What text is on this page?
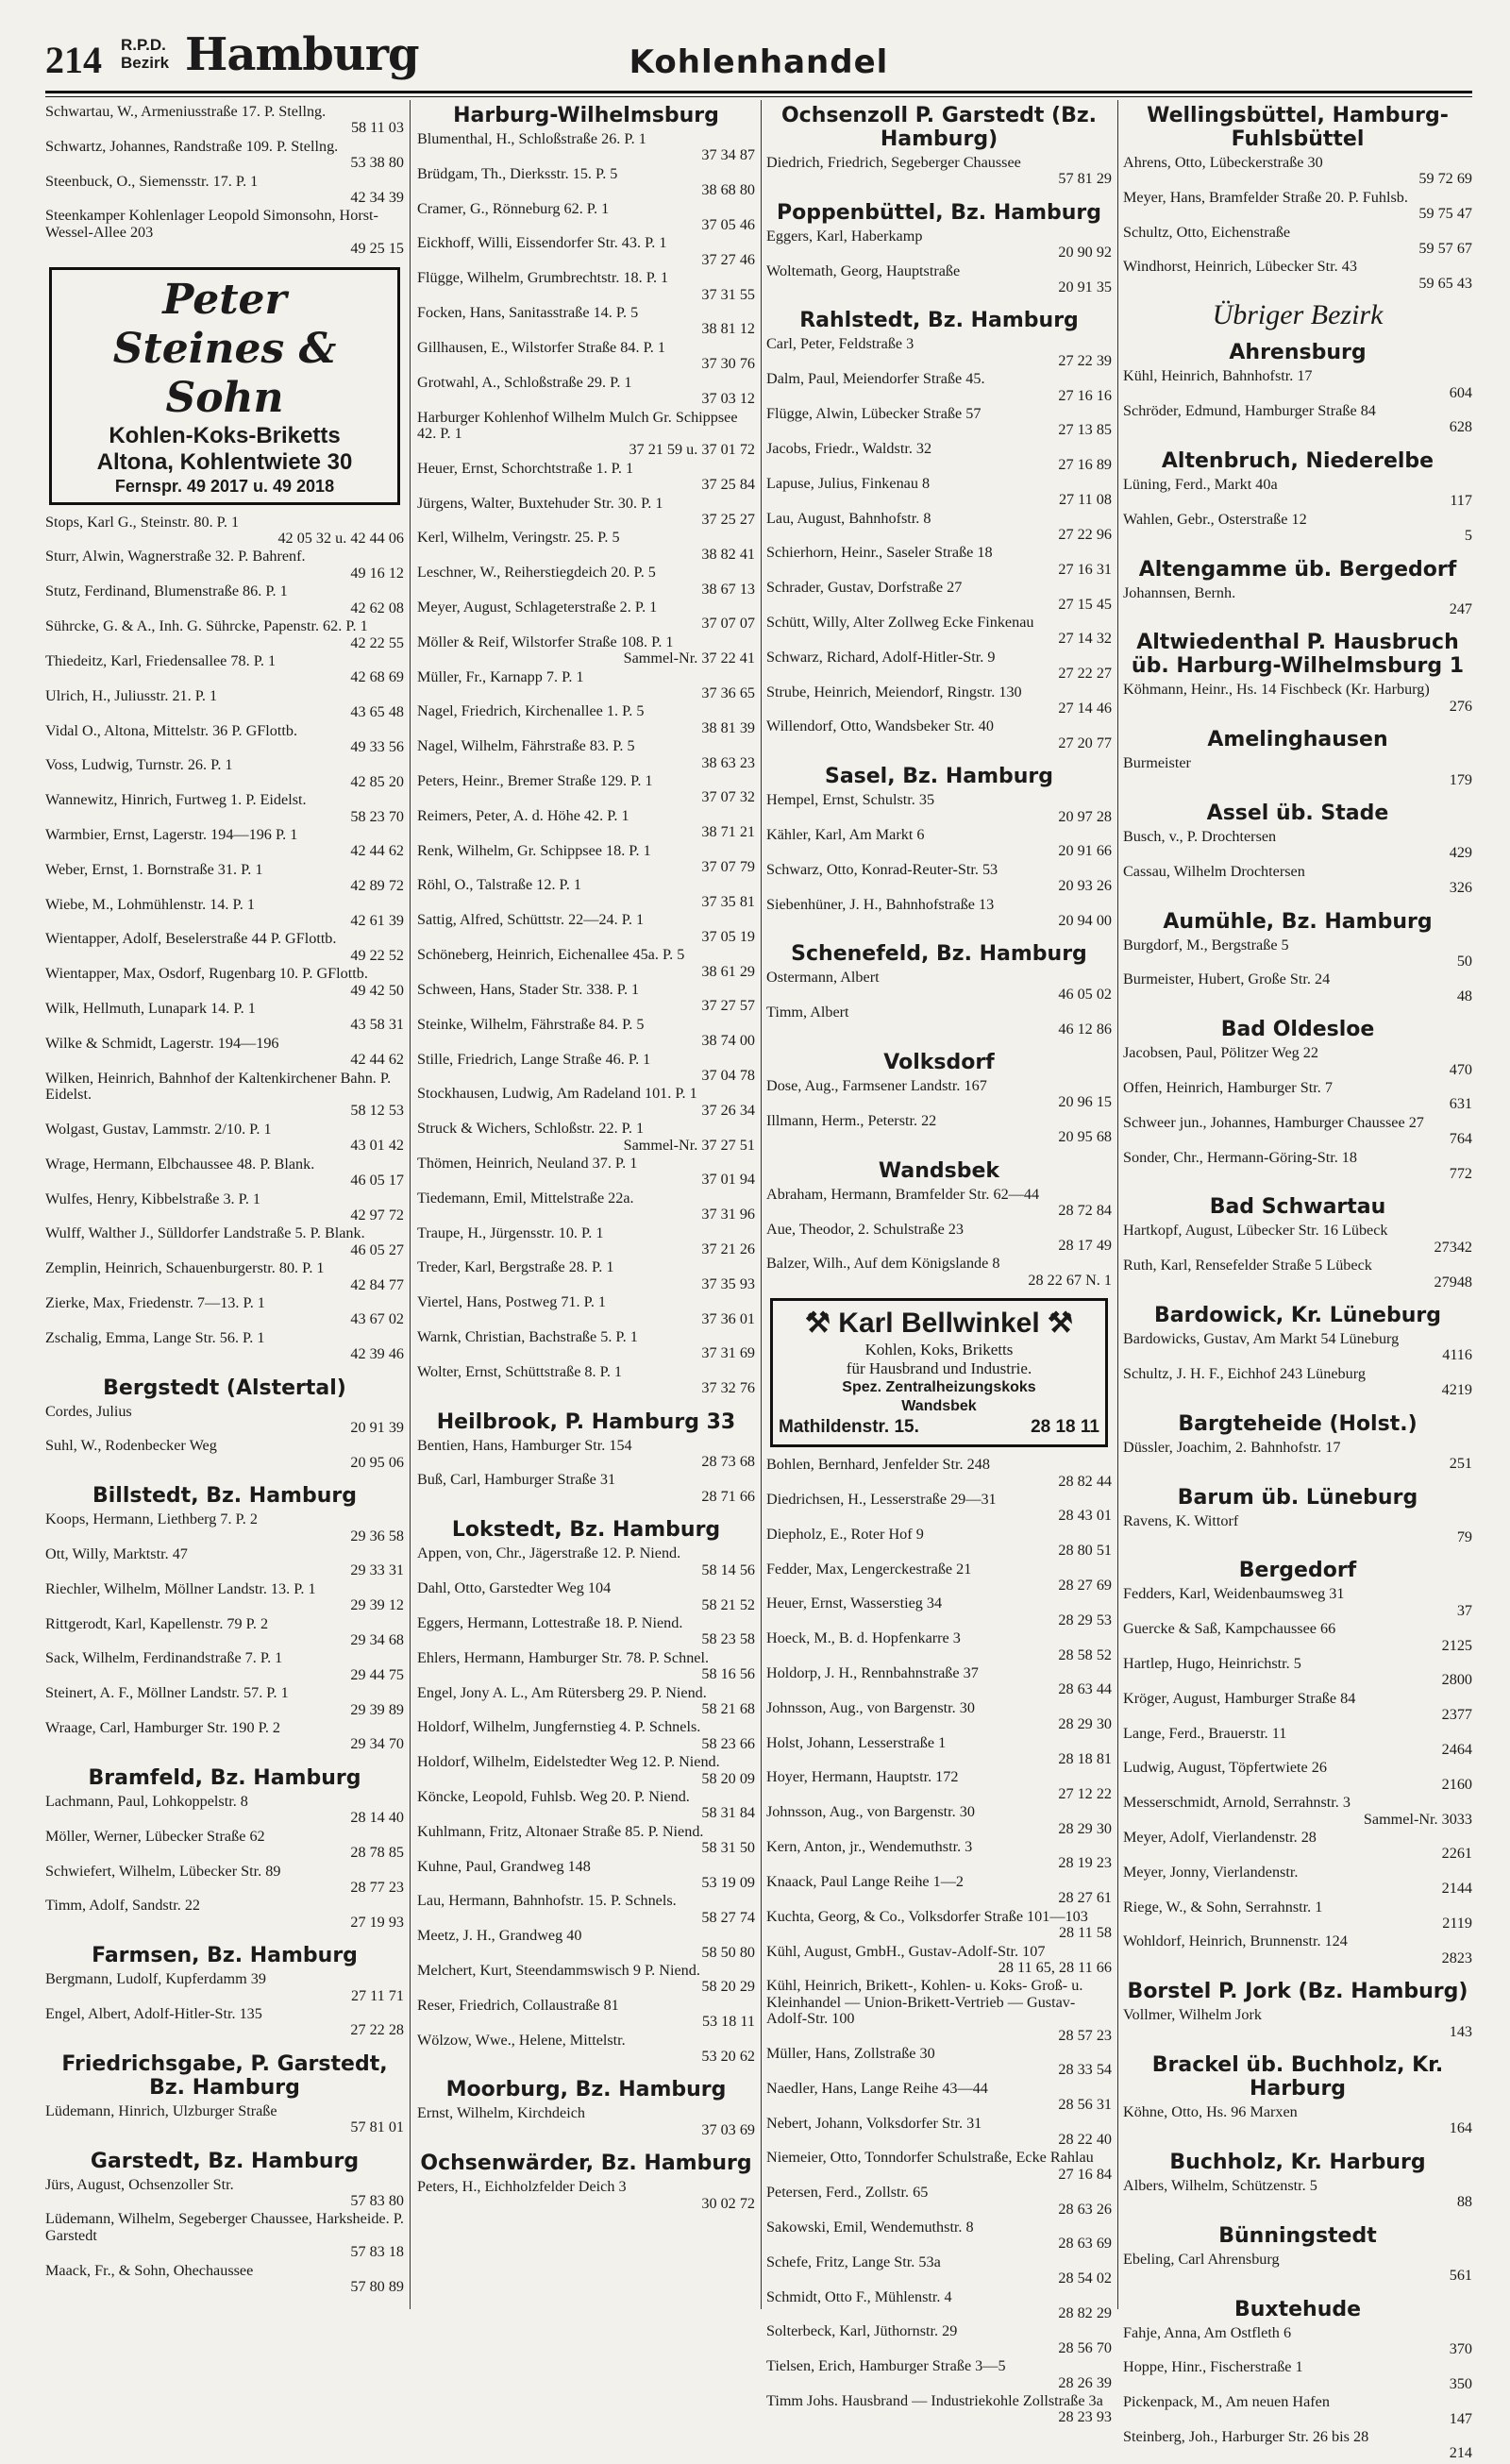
214 R.P.D.
Bezirk Hamburg	Kohlenhandel
Schwartau, W., Armeniusstraße 17. P. Stellng.
58 11 03
Schwartz, Johannes, Randstraße 109. P. Stellng.
53 38 80
Steenbuck, O., Siemensstr. 17. P. 1
42 34 39
Steenkamper Kohlenlager Leopold Simonsohn, Horst-Wessel-Allee 203
49 25 15
Peter
Steines & Sohn
Kohlen-Koks-Briketts
Altona, Kohlentwiete 30
Fernspr. 49 2017 u. 49 2018
Stops, Karl G., Steinstr. 80. P. 1
42 05 32 u. 42 44 06
Sturr, Alwin, Wagnerstraße 32. P. Bahrenf.
49 16 12
Stutz, Ferdinand, Blumenstraße 86. P. 1
42 62 08
Sührcke, G. & A., Inh. G. Sührcke, Papenstr. 62. P. 1
42 22 55
Thiedeitz, Karl, Friedensallee 78. P. 1
42 68 69
Ulrich, H., Juliusstr. 21. P. 1
43 65 48
Vidal O., Altona, Mittelstr. 36 P. GFlottb.
49 33 56
Voss, Ludwig, Turnstr. 26. P. 1
42 85 20
Wannewitz, Hinrich, Furtweg 1. P. Eidelst.
58 23 70
Warmbier, Ernst, Lagerstr. 194—196 P. 1
42 44 62
Weber, Ernst, 1. Bornstraße 31. P. 1
42 89 72
Wiebe, M., Lohmühlenstr. 14. P. 1
42 61 39
Wientapper, Adolf, Beselerstraße 44 P. GFlottb.
49 22 52
Wientapper, Max, Osdorf, Rugenbarg 10. P. GFlottb.
49 42 50
Wilk, Hellmuth, Lunapark 14. P. 1
43 58 31
Wilke & Schmidt, Lagerstr. 194—196
42 44 62
Wilken, Heinrich, Bahnhof der Kaltenkirchener Bahn. P. Eidelst.
58 12 53
Wolgast, Gustav, Lammstr. 2/10. P. 1
43 01 42
Wrage, Hermann, Elbchaussee 48. P. Blank.
46 05 17
Wulfes, Henry, Kibbelstraße 3. P. 1
42 97 72
Wulff, Walther J., Sülldorfer Landstraße 5. P. Blank.
46 05 27
Zemplin, Heinrich, Schauenburgerstr. 80. P. 1
42 84 77
Zierke, Max, Friedenstr. 7—13. P. 1
43 67 02
Zschalig, Emma, Lange Str. 56. P. 1
42 39 46
Bergstedt (Alstertal)
Cordes, Julius
20 91 39
Suhl, W., Rodenbecker Weg
20 95 06
Billstedt, Bz. Hamburg
Koops, Hermann, Liethberg 7. P. 2
29 36 58
Ott, Willy, Marktstr. 47
29 33 31
Riechler, Wilhelm, Möllner Landstr. 13. P. 1
29 39 12
Rittgerodt, Karl, Kapellenstr. 79 P. 2
29 34 68
Sack, Wilhelm, Ferdinandstraße 7. P. 1
29 44 75
Steinert, A. F., Möllner Landstr. 57. P. 1
29 39 89
Wraage, Carl, Hamburger Str. 190 P. 2
29 34 70
Bramfeld, Bz. Hamburg
Lachmann, Paul, Lohkoppelstr. 8
28 14 40
Möller, Werner, Lübecker Straße 62
28 78 85
Schwiefert, Wilhelm, Lübecker Str. 89
28 77 23
Timm, Adolf, Sandstr. 22
27 19 93
Farmsen, Bz. Hamburg
Bergmann, Ludolf, Kupferdamm 39
27 11 71
Engel, Albert, Adolf-Hitler-Str. 135
27 22 28
Friedrichsgabe, P. Garstedt, Bz. Hamburg
Lüdemann, Hinrich, Ulzburger Straße
57 81 01
Garstedt, Bz. Hamburg
Jürs, August, Ochsenzoller Str.
57 83 80
Lüdemann, Wilhelm, Segeberger Chaussee, Harksheide. P. Garstedt
57 83 18
Maack, Fr., & Sohn, Ohechaussee
57 80 89
Harburg-Wilhelmsburg
Blumenthal, H., Schloßstraße 26. P. 1
37 34 87
Brüdgam, Th., Dierksstr. 15. P. 5
38 68 80
Cramer, G., Rönneburg 62. P. 1
37 05 46
Eickhoff, Willi, Eissendorfer Str. 43. P. 1
37 27 46
Flügge, Wilhelm, Grumbrechtstr. 18. P. 1
37 31 55
Focken, Hans, Sanitasstraße 14. P. 5
38 81 12
Gillhausen, E., Wilstorfer Straße 84. P. 1
37 30 76
Grotwahl, A., Schloßstraße 29. P. 1
37 03 12
Harburger Kohlenhof Wilhelm Mulch Gr. Schippsee 42. P. 1
37 21 59 u. 37 01 72
Heuer, Ernst, Schorchtstraße 1. P. 1
37 25 84
Jürgens, Walter, Buxtehuder Str. 30. P. 1
37 25 27
Kerl, Wilhelm, Veringstr. 25. P. 5
38 82 41
Leschner, W., Reiherstiegdeich 20. P. 5
38 67 13
Meyer, August, Schlageterstraße 2. P. 1
37 07 07
Möller & Reif, Wilstorfer Straße 108. P. 1
Sammel-Nr. 37 22 41
Müller, Fr., Karnapp 7. P. 1
37 36 65
Nagel, Friedrich, Kirchenallee 1. P. 5
38 81 39
Nagel, Wilhelm, Fährstraße 83. P. 5
38 63 23
Peters, Heinr., Bremer Straße 129. P. 1
37 07 32
Reimers, Peter, A. d. Höhe 42. P. 1
38 71 21
Renk, Wilhelm, Gr. Schippsee 18. P. 1
37 07 79
Röhl, O., Talstraße 12. P. 1
37 35 81
Sattig, Alfred, Schüttstr. 22—24. P. 1
37 05 19
Schöneberg, Heinrich, Eichenallee 45a. P. 5
38 61 29
Schween, Hans, Stader Str. 338. P. 1
37 27 57
Steinke, Wilhelm, Fährstraße 84. P. 5
38 74 00
Stille, Friedrich, Lange Straße 46. P. 1
37 04 78
Stockhausen, Ludwig, Am Radeland 101. P. 1
37 26 34
Struck & Wichers, Schloßstr. 22. P. 1
Sammel-Nr. 37 27 51
Thömen, Heinrich, Neuland 37. P. 1
37 01 94
Tiedemann, Emil, Mittelstraße 22a.
37 31 96
Traupe, H., Jürgensstr. 10. P. 1
37 21 26
Treder, Karl, Bergstraße 28. P. 1
37 35 93
Viertel, Hans, Postweg 71. P. 1
37 36 01
Warnk, Christian, Bachstraße 5. P. 1
37 31 69
Wolter, Ernst, Schüttstraße 8. P. 1
37 32 76
Heilbrook, P. Hamburg 33
Bentien, Hans, Hamburger Str. 154
28 73 68
Buß, Carl, Hamburger Straße 31
28 71 66
Lokstedt, Bz. Hamburg
Appen, von, Chr., Jägerstraße 12. P. Niend.
58 14 56
Dahl, Otto, Garstedter Weg 104
58 21 52
Eggers, Hermann, Lottestraße 18. P. Niend.
58 23 58
Ehlers, Hermann, Hamburger Str. 78. P. Schnel.
58 16 56
Engel, Jony A. L., Am Rütersberg 29. P. Niend.
58 21 68
Holdorf, Wilhelm, Jungfernstieg 4. P. Schnels.
58 23 66
Holdorf, Wilhelm, Eidelstedter Weg 12. P. Niend.
58 20 09
Köncke, Leopold, Fuhlsb. Weg 20. P. Niend.
58 31 84
Kuhlmann, Fritz, Altonaer Straße 85. P. Niend.
58 31 50
Kuhne, Paul, Grandweg 148
53 19 09
Lau, Hermann, Bahnhofstr. 15. P. Schnels.
58 27 74
Meetz, J. H., Grandweg 40
58 50 80
Melchert, Kurt, Steendammswisch 9 P. Niend.
58 20 29
Reser, Friedrich, Collaustraße 81
53 18 11
Wölzow, Wwe., Helene, Mittelstr.
53 20 62
Moorburg, Bz. Hamburg
Ernst, Wilhelm, Kirchdeich
37 03 69
Ochsenwärder, Bz. Hamburg
Peters, H., Eichholzfelder Deich 3
30 02 72
Ochsenzoll P. Garstedt (Bz. Hamburg)
Diedrich, Friedrich, Segeberger Chaussee
57 81 29
Poppenbüttel, Bz. Hamburg
Eggers, Karl, Haberkamp
20 90 92
Woltemath, Georg, Hauptstraße
20 91 35
Rahlstedt, Bz. Hamburg
Carl, Peter, Feldstraße 3
27 22 39
Dalm, Paul, Meiendorfer Straße 45.
27 16 16
Flügge, Alwin, Lübecker Straße 57
27 13 85
Jacobs, Friedr., Waldstr. 32
27 16 89
Lapuse, Julius, Finkenau 8
27 11 08
Lau, August, Bahnhofstr. 8
27 22 96
Schierhorn, Heinr., Saseler Straße 18
27 16 31
Schrader, Gustav, Dorfstraße 27
27 15 45
Schütt, Willy, Alter Zollweg Ecke Finkenau
27 14 32
Schwarz, Richard, Adolf-Hitler-Str. 9
27 22 27
Strube, Heinrich, Meiendorf, Ringstr. 130
27 14 46
Willendorf, Otto, Wandsbeker Str. 40
27 20 77
Sasel, Bz. Hamburg
Hempel, Ernst, Schulstr. 35
20 97 28
Kähler, Karl, Am Markt 6
20 91 66
Schwarz, Otto, Konrad-Reuter-Str. 53
20 93 26
Siebenhüner, J. H., Bahnhofstraße 13
20 94 00
Schenefeld, Bz. Hamburg
Ostermann, Albert
46 05 02
Timm, Albert
46 12 86
Volksdorf
Dose, Aug., Farmsener Landstr. 167
20 96 15
Illmann, Herm., Peterstr. 22
20 95 68
Wandsbek
Abraham, Hermann, Bramfelder Str. 62—44
28 72 84
Aue, Theodor, 2. Schulstraße 23
28 17 49
Balzer, Wilh., Auf dem Königslande 8
28 22 67 N. 1
⚒ Karl Bellwinkel ⚒
Kohlen, Koks, Briketts
für Hausbrand und Industrie.
Spez. Zentralheizungskoks
Wandsbek
Mathildenstr. 15.	28 18 11
Bohlen, Bernhard, Jenfelder Str. 248
28 82 44
Diedrichsen, H., Lesserstraße 29—31
28 43 01
Diepholz, E., Roter Hof 9
28 80 51
Fedder, Max, Lengerckestraße 21
28 27 69
Heuer, Ernst, Wasserstieg 34
28 29 53
Hoeck, M., B. d. Hopfenkarre 3
28 58 52
Holdorp, J. H., Rennbahnstraße 37
28 63 44
Johnsson, Aug., von Bargenstr. 30
28 29 30
Holst, Johann, Lesserstraße 1
28 18 81
Hoyer, Hermann, Hauptstr. 172
27 12 22
Johnsson, Aug., von Bargenstr. 30
28 29 30
Kern, Anton, jr., Wendemuthstr. 3
28 19 23
Knaack, Paul Lange Reihe 1—2
28 27 61
Kuchta, Georg, & Co., Volksdorfer Straße 101—103
28 11 58
Kühl, August, GmbH., Gustav-Adolf-Str. 107
28 11 65, 28 11 66
Kühl, Heinrich, Brikett-, Kohlen- u. Koks- Groß- u. Kleinhandel — Union-Brikett-Vertrieb — Gustav-Adolf-Str. 100
28 57 23
Müller, Hans, Zollstraße 30
28 33 54
Naedler, Hans, Lange Reihe 43—44
28 56 31
Nebert, Johann, Volksdorfer Str. 31
28 22 40
Niemeier, Otto, Tonndorfer Schulstraße, Ecke Rahlau
27 16 84
Petersen, Ferd., Zollstr. 65
28 63 26
Sakowski, Emil, Wendemuthstr. 8
28 63 69
Schefe, Fritz, Lange Str. 53a
28 54 02
Schmidt, Otto F., Mühlenstr. 4
28 82 29
Solterbeck, Karl, Jüthornstr. 29
28 56 70
Tielsen, Erich, Hamburger Straße 3—5
28 26 39
Timm Johs. Hausbrand — Industriekohle Zollstraße 3a
28 23 93
Wellingsbüttel, Hamburg-Fuhlsbüttel
Ahrens, Otto, Lübeckerstraße 30
59 72 69
Meyer, Hans, Bramfelder Straße 20. P. Fuhlsb.
59 75 47
Schultz, Otto, Eichenstraße
59 57 67
Windhorst, Heinrich, Lübecker Str. 43
59 65 43
Übriger Bezirk
Ahrensburg
Kühl, Heinrich, Bahnhofstr. 17
604
Schröder, Edmund, Hamburger Straße 84
628
Altenbruch, Niederelbe
Lüning, Ferd., Markt 40a
117
Wahlen, Gebr., Osterstraße 12
5
Altengamme üb. Bergedorf
Johannsen, Bernh.
247
Altwiedenthal P. Hausbruch üb. Harburg-Wilhelmsburg 1
Köhmann, Heinr., Hs. 14 Fischbeck (Kr. Harburg)
276
Amelinghausen
Burmeister
179
Assel üb. Stade
Busch, v., P. Drochtersen
429
Cassau, Wilhelm Drochtersen
326
Aumühle, Bz. Hamburg
Burgdorf, M., Bergstraße 5
50
Burmeister, Hubert, Große Str. 24
48
Bad Oldesloe
Jacobsen, Paul, Pölitzer Weg 22
470
Offen, Heinrich, Hamburger Str. 7
631
Schweer jun., Johannes, Hamburger Chaussee 27
764
Sonder, Chr., Hermann-Göring-Str. 18
772
Bad Schwartau
Hartkopf, August, Lübecker Str. 16 Lübeck
27342
Ruth, Karl, Rensefelder Straße 5 Lübeck
27948
Bardowick, Kr. Lüneburg
Bardowicks, Gustav, Am Markt 54 Lüneburg
4116
Schultz, J. H. F., Eichhof 243 Lüneburg
4219
Bargteheide (Holst.)
Düssler, Joachim, 2. Bahnhofstr. 17
251
Barum üb. Lüneburg
Ravens, K. Wittorf
79
Bergedorf
Fedders, Karl, Weidenbaumsweg 31
37
Guercke & Saß, Kampchaussee 66
2125
Hartlep, Hugo, Heinrichstr. 5
2800
Kröger, August, Hamburger Straße 84
2377
Lange, Ferd., Brauerstr. 11
2464
Ludwig, August, Töpfertwiete 26
2160
Messerschmidt, Arnold, Serrahnstr. 3
Sammel-Nr. 3033
Meyer, Adolf, Vierlandenstr. 28
2261
Meyer, Jonny, Vierlandenstr.
2144
Riege, W., & Sohn, Serrahnstr. 1
2119
Wohldorf, Heinrich, Brunnenstr. 124
2823
Borstel P. Jork (Bz. Hamburg)
Vollmer, Wilhelm Jork
143
Brackel üb. Buchholz, Kr. Harburg
Köhne, Otto, Hs. 96 Marxen
164
Buchholz, Kr. Harburg
Albers, Wilhelm, Schützenstr. 5
88
Bünningstedt
Ebeling, Carl Ahrensburg
561
Buxtehude
Fahje, Anna, Am Ostfleth 6
370
Hoppe, Hinr., Fischerstraße 1
350
Pickenpack, M., Am neuen Hafen
147
Steinberg, Joh., Harburger Str. 26 bis 28
214
